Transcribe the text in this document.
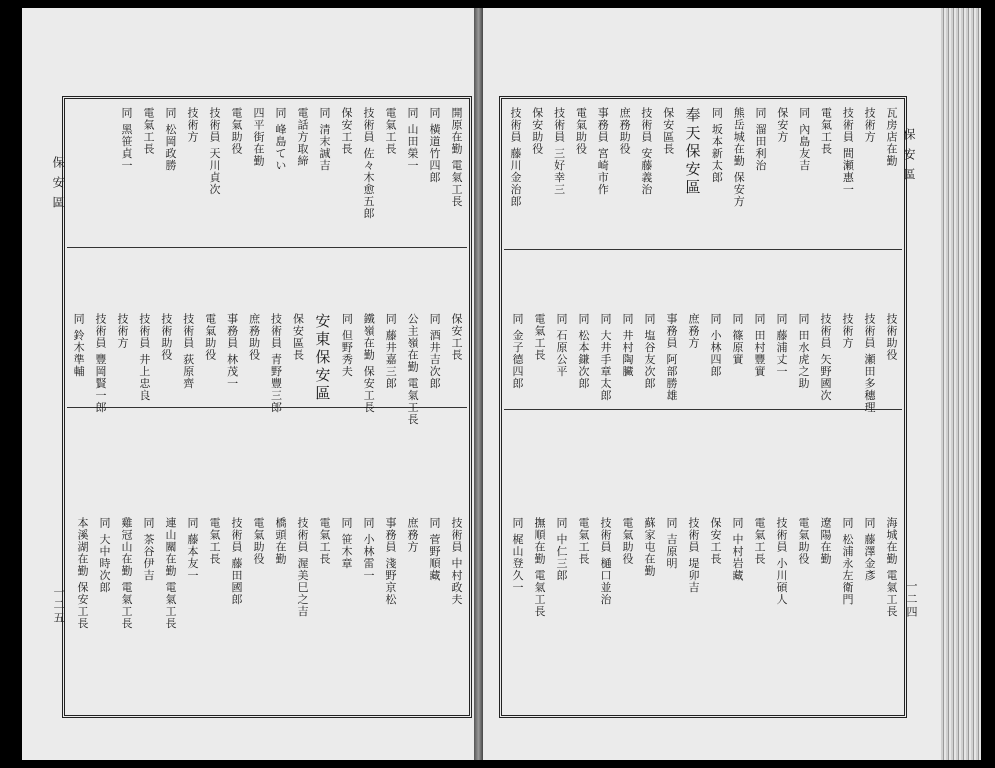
保安區
一二五
開原在勤 電氣工長
同 橫道竹四郎
同 山田榮一
電氣工長
技術員 佐々木愈五郎
保安工長
同 清末誠吉
電話方取締
同 峰島てい
四平街在勤
電氣助役
技術員 天川貞次
技術方
同 松岡政勝
電氣工長
同 黑笹貞一
保安工長
同 酒井吉次郎
公主嶺在勤 電氣工長
同 藤井嘉三郎
鐵嶺在勤 保安工長
同 但野秀夫
安東保安區
保安區長
技術員 青野豐三郎
庶務助役
事務員 林茂一
電氣助役
技術員 荻原齊
技術助役
技術員 井上忠良
技術方
技術員 豐岡賢一郎
同 鈴木準輔
技術員 中村政夫
同 菅野順藏
庶務方
事務員 淺野京松
同 小林雷一
同 笹木章
電氣工長
技術員 渥美巳之吉
橋頭在勤
電氣助役
技術員 藤田國郎
電氣工長
同 藤本友一
連山關在勤 電氣工長
同 茶谷伊吉
雞冠山在勤 電氣工長
同 大中時次郎
本溪湖在勤 保安工長
保安區
一二四
瓦房店在勤
技術方
技術員 間瀬惠一
電氣工長
同 內島友吉
保安方
同 溜田利治
熊岳城在勤 保安方
同 坂本新太郎
奉天保安區
保安區長
技術員 安藤義治
庶務助役
事務員 宮崎市作
電氣助役
技術員 三好幸三
保安助役
技術員 藤川金治郎
技術助役
技術員 瀬田多穗理
技術方
技術員 矢野國次
同 田水虎之助
同 藤浦丈一
同 田村豐實
同 篠原實
同 小林四郎
庶務方
事務員 阿部勝雄
同 塩谷友次郎
同 井村陶臟
同 大井手章太郎
同 松本鎌次郎
同 石原公平
電氣工長
同 金子德四郎
海城在勤 電氣工長
同 藤澤金彥
同 松浦永左衛門
遼陽在勤
電氣助役
技術員 小川碩人
電氣工長
同 中村岩藏
保安工長
技術員 堤卯吉
同 吉原明
蘇家屯在勤
電氣助役
技術員 樋口並治
電氣工長
同 中仁三郎
撫順在勤 電氣工長
同 梶山登久一
